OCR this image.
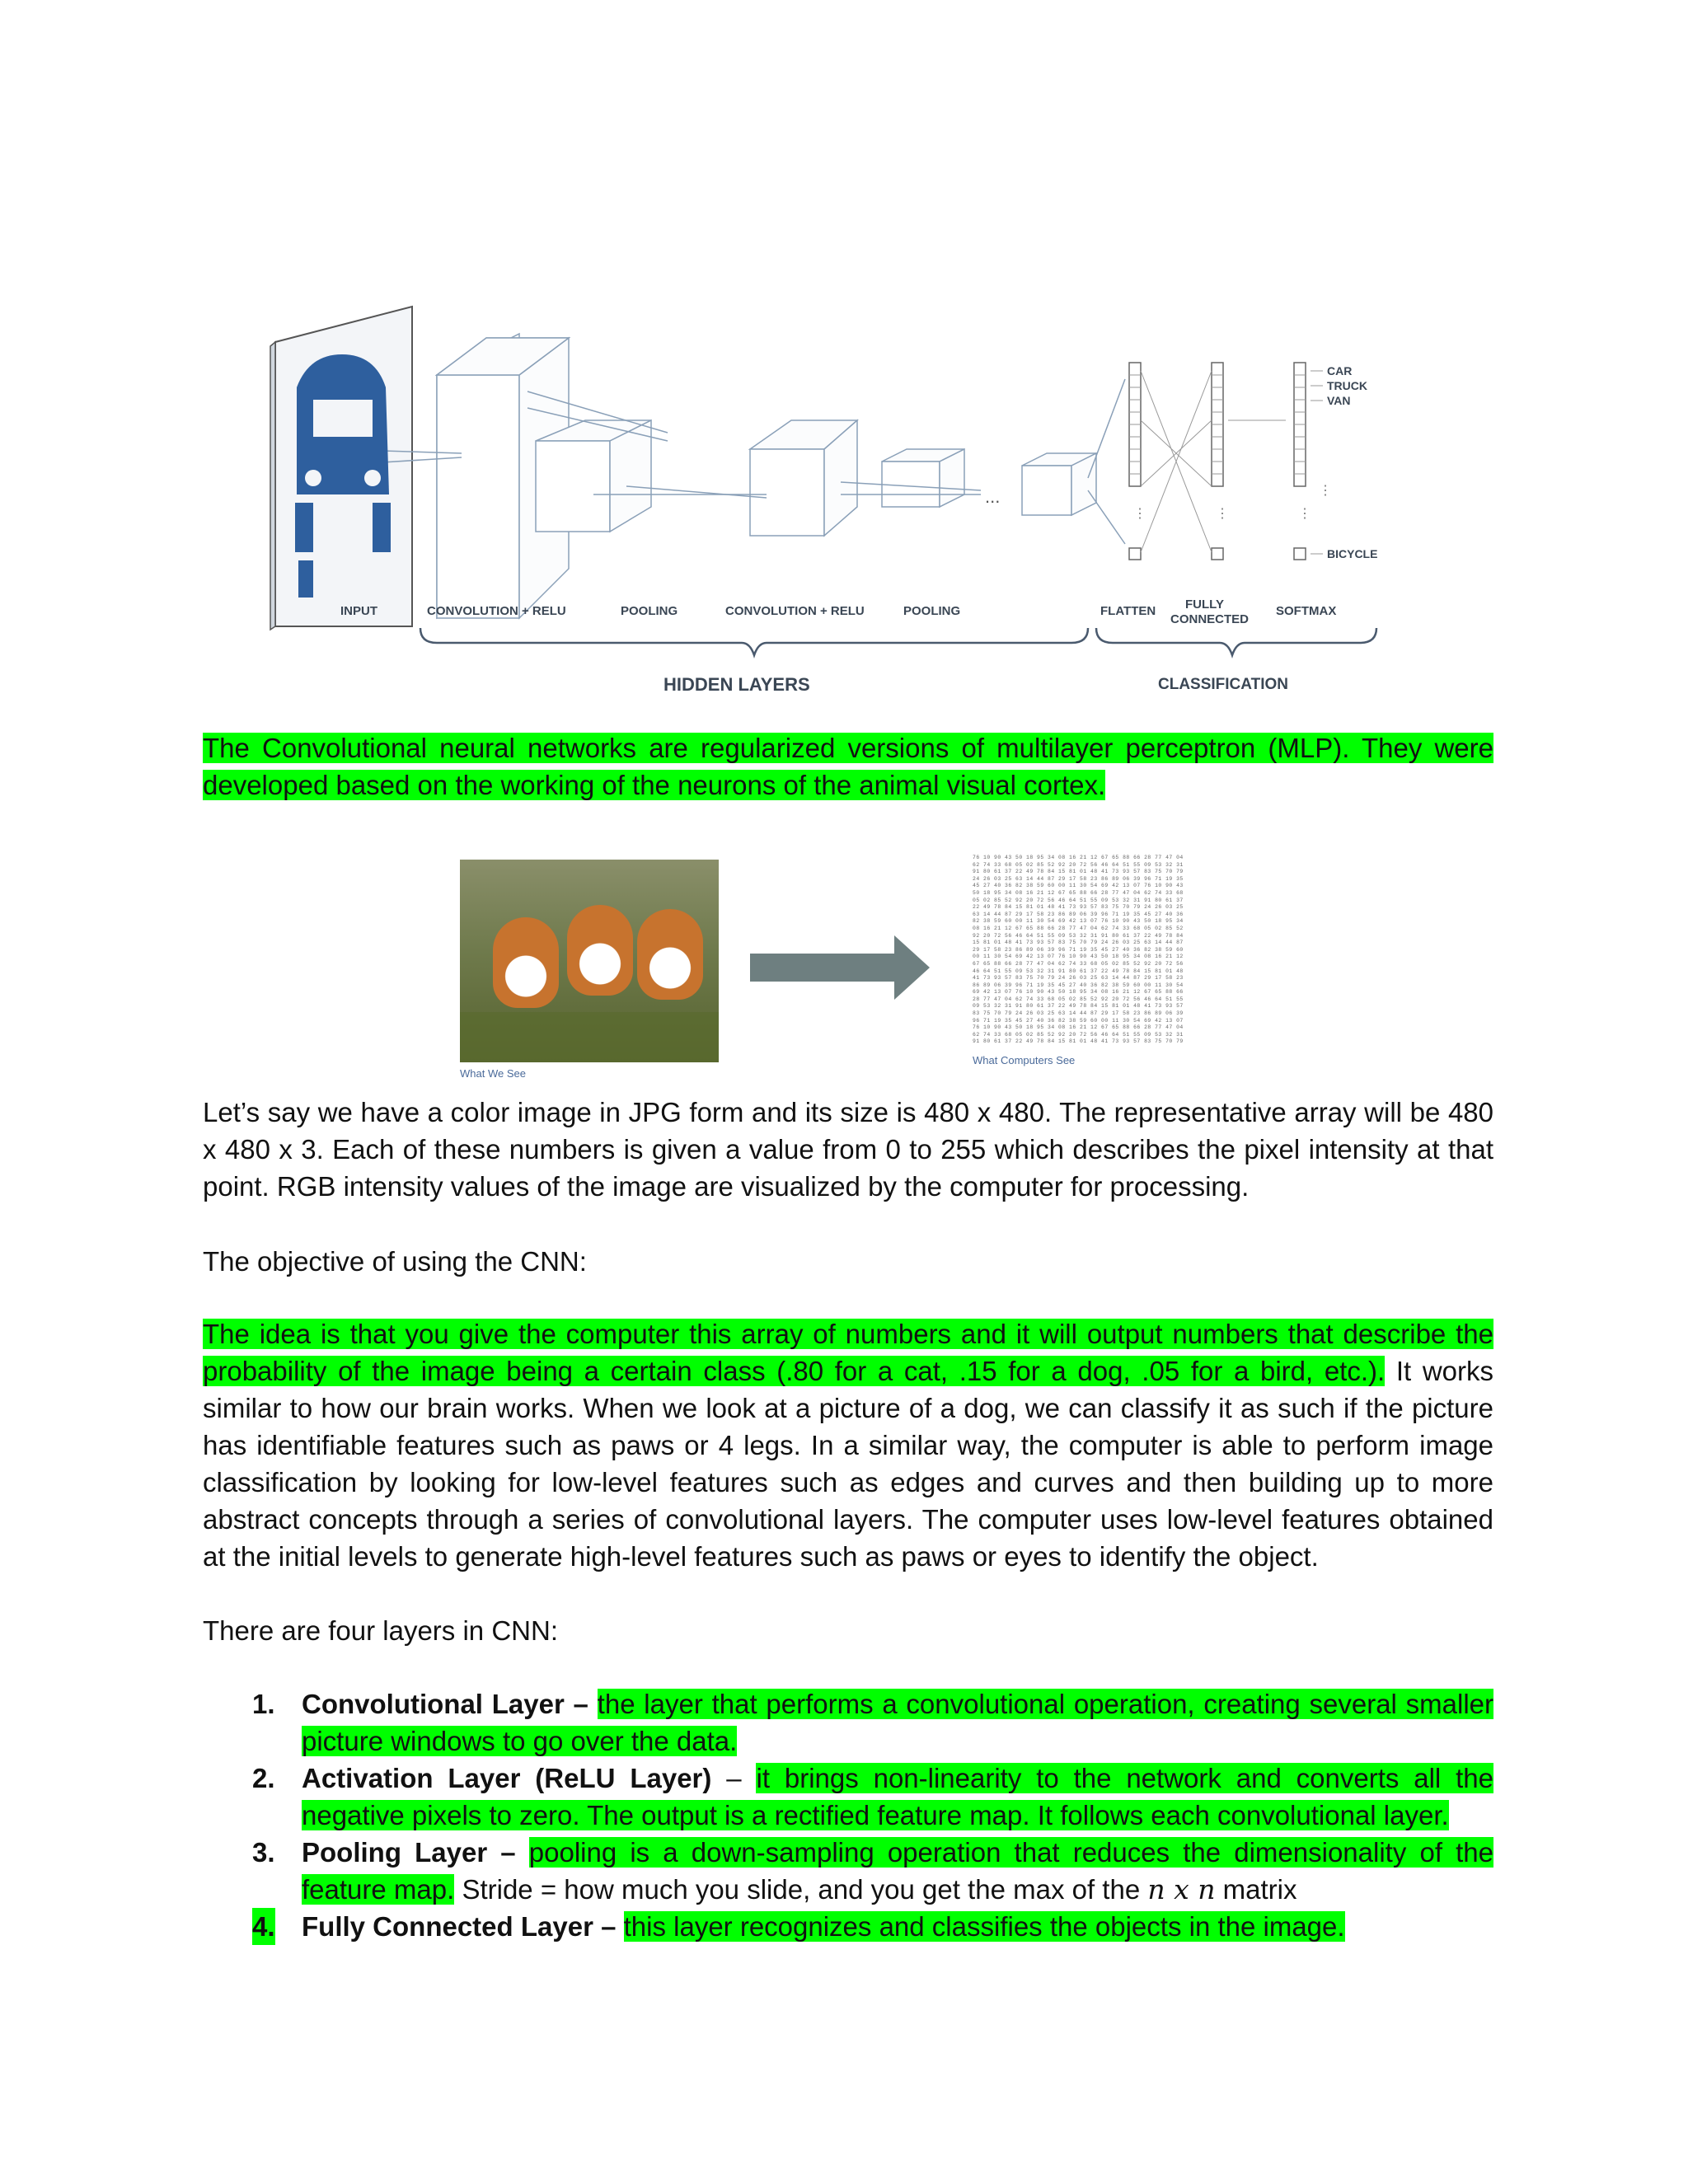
...
⋮	⋮	⋮
⋮
CAR
TRUCK
VAN
BICYCLE
INPUT	CONVOLUTION + RELU	POOLING	CONVOLUTION + RELU	POOLING	FLATTEN FULLY
CONNECTED
SOFTMAX
HIDDEN LAYERS	CLASSIFICATION
The Convolutional neural networks are regularized versions of multilayer perceptron (MLP). They were developed based on the working of the neurons of the animal visual cortex.
What We See
76 10 90 43 50 18 95 34 08 16 21 12 67 65 88 66 28 77 47 04
62 74 33 68 05 02 85 52 92 20 72 56 46 64 51 55 09 53 32 31
91 80 61 37 22 49 78 84 15 81 01 48 41 73 93 57 83 75 70 79
24 26 03 25 63 14 44 87 29 17 58 23 86 89 06 39 96 71 19 35
45 27 40 36 82 38 59 60 00 11 30 54 69 42 13 07 76 10 90 43
50 18 95 34 08 16 21 12 67 65 88 66 28 77 47 04 62 74 33 68
05 02 85 52 92 20 72 56 46 64 51 55 09 53 32 31 91 80 61 37
22 49 78 84 15 81 01 48 41 73 93 57 83 75 70 79 24 26 03 25
63 14 44 87 29 17 58 23 86 89 06 39 96 71 19 35 45 27 40 36
82 38 59 60 00 11 30 54 69 42 13 07 76 10 90 43 50 18 95 34
08 16 21 12 67 65 88 66 28 77 47 04 62 74 33 68 05 02 85 52
92 20 72 56 46 64 51 55 09 53 32 31 91 80 61 37 22 49 78 84
15 81 01 48 41 73 93 57 83 75 70 79 24 26 03 25 63 14 44 87
29 17 58 23 86 89 06 39 96 71 19 35 45 27 40 36 82 38 59 60
00 11 30 54 69 42 13 07 76 10 90 43 50 18 95 34 08 16 21 12
67 65 88 66 28 77 47 04 62 74 33 68 05 02 85 52 92 20 72 56
46 64 51 55 09 53 32 31 91 80 61 37 22 49 78 84 15 81 01 48
41 73 93 57 83 75 70 79 24 26 03 25 63 14 44 87 29 17 58 23
86 89 06 39 96 71 19 35 45 27 40 36 82 38 59 60 00 11 30 54
69 42 13 07 76 10 90 43 50 18 95 34 08 16 21 12 67 65 88 66
28 77 47 04 62 74 33 68 05 02 85 52 92 20 72 56 46 64 51 55
09 53 32 31 91 80 61 37 22 49 78 84 15 81 01 48 41 73 93 57
83 75 70 79 24 26 03 25 63 14 44 87 29 17 58 23 86 89 06 39
96 71 19 35 45 27 40 36 82 38 59 60 00 11 30 54 69 42 13 07
76 10 90 43 50 18 95 34 08 16 21 12 67 65 88 66 28 77 47 04
62 74 33 68 05 02 85 52 92 20 72 56 46 64 51 55 09 53 32 31
91 80 61 37 22 49 78 84 15 81 01 48 41 73 93 57 83 75 70 79
What Computers See
Let’s say we have a color image in JPG form and its size is 480 x 480. The representative array will be 480 x 480 x 3. Each of these numbers is given a value from 0 to 255 which describes the pixel intensity at that point. RGB intensity values of the image are visualized by the computer for processing.
The objective of using the CNN:
The idea is that you give the computer this array of numbers and it will output numbers that describe the probability of the image being a certain class (.80 for a cat, .15 for a dog, .05 for a bird, etc.). It works similar to how our brain works. When we look at a picture of a dog, we can classify it as such if the picture has identifiable features such as paws or 4 legs. In a similar way, the computer is able to perform image classification by looking for low-level features such as edges and curves and then building up to more abstract concepts through a series of convolutional layers. The computer uses low-level features obtained at the initial levels to generate high-level features such as paws or eyes to identify the object.
There are four layers in CNN:
1. Convolutional Layer – the layer that performs a convolutional operation, creating several smaller picture windows to go over the data.
2. Activation Layer (ReLU Layer) – it brings non-linearity to the network and converts all the negative pixels to zero. The output is a rectified feature map. It follows each convolutional layer.
3. Pooling Layer – pooling is a down-sampling operation that reduces the dimensionality of the feature map. Stride = how much you slide, and you get the max of the n x n matrix
4. Fully Connected Layer – this layer recognizes and classifies the objects in the image.
